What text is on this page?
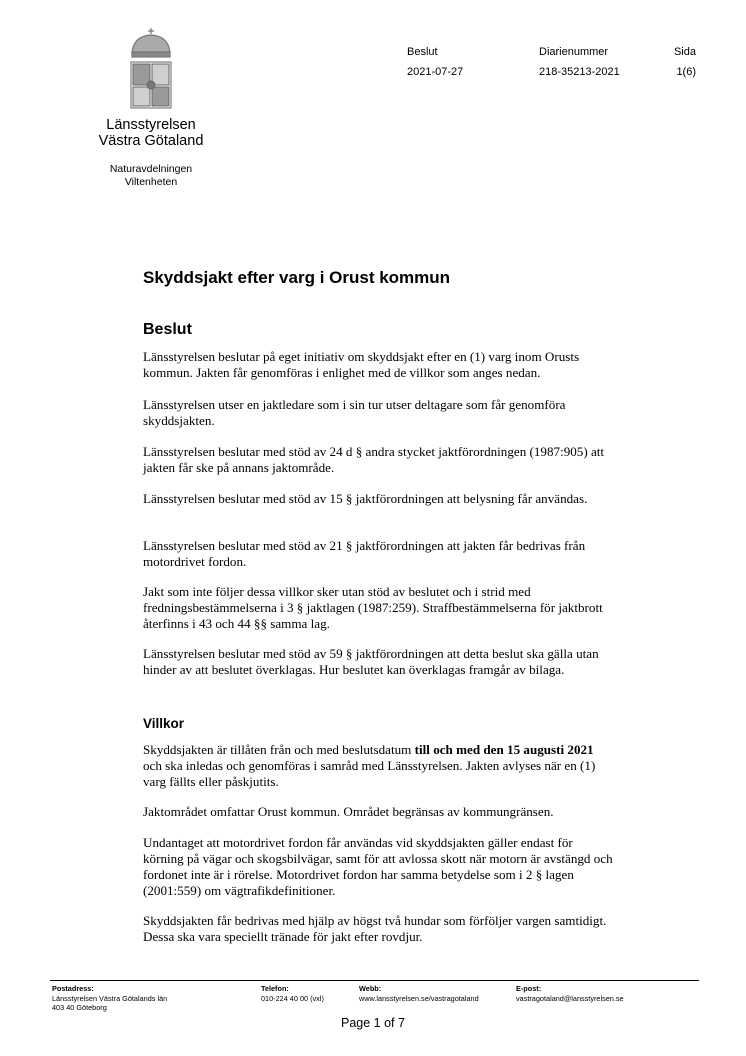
Länsstyrelsen
Västra Götaland
Naturavdelningen
Viltenheten
Beslut
2021-07-27
Diarienummer
218-35213-2021
Sida
1(6)
Skyddsjakt efter varg i Orust kommun
Beslut

Länsstyrelsen beslutar på eget initiativ om skyddsjakt efter en (1) varg inom Orusts kommun. Jakten får genomföras i enlighet med de villkor som anges nedan.

Länsstyrelsen utser en jaktledare som i sin tur utser deltagare som får genomföra skyddsjakten.

Länsstyrelsen beslutar med stöd av 24 d § andra stycket jaktförordningen (1987:905) att jakten får ske på annans jaktområde.

Länsstyrelsen beslutar med stöd av 15 § jaktförordningen att belysning får användas.

Länsstyrelsen beslutar med stöd av 21 § jaktförordningen att jakten får bedrivas från motordrivet fordon.

Jakt som inte följer dessa villkor sker utan stöd av beslutet och i strid med fredningsbestämmelserna i 3 § jaktlagen (1987:259). Straffbestämmelserna för jaktbrott återfinns i 43 och 44 §§ samma lag.

Länsstyrelsen beslutar med stöd av 59 § jaktförordningen att detta beslut ska gälla utan hinder av att beslutet överklagas. Hur beslutet kan överklagas framgår av bilaga.

Villkor

Skyddsjakten är tillåten från och med beslutsdatum till och med den 15 augusti 2021 och ska inledas och genomföras i samråd med Länsstyrelsen. Jakten avlyses när en (1) varg fällts eller påskjutits.

Jaktområdet omfattar Orust kommun. Området begränsas av kommungränsen.

Undantaget att motordrivet fordon får användas vid skyddsjakten gäller endast för körning på vägar och skogsbilvägar, samt för att avlossa skott när motorn är avstängd och fordonet inte är i rörelse. Motordrivet fordon har samma betydelse som i 2 § lagen (2001:559) om vägtrafikdefinitioner.

Skyddsjakten får bedrivas med hjälp av högst två hundar som förföljer vargen samtidigt. Dessa ska vara speciellt tränade för jakt efter rovdjur.

Postadress:
Länsstyrelsen Västra Götalands län
403 40 Göteborg
Telefon:
010-224 40 00 (vxl)
Webb:
www.lansstyrelsen.se/vastragotaland
E-post:
vastragotaland@lansstyrelsen.se
Page 1 of 7
